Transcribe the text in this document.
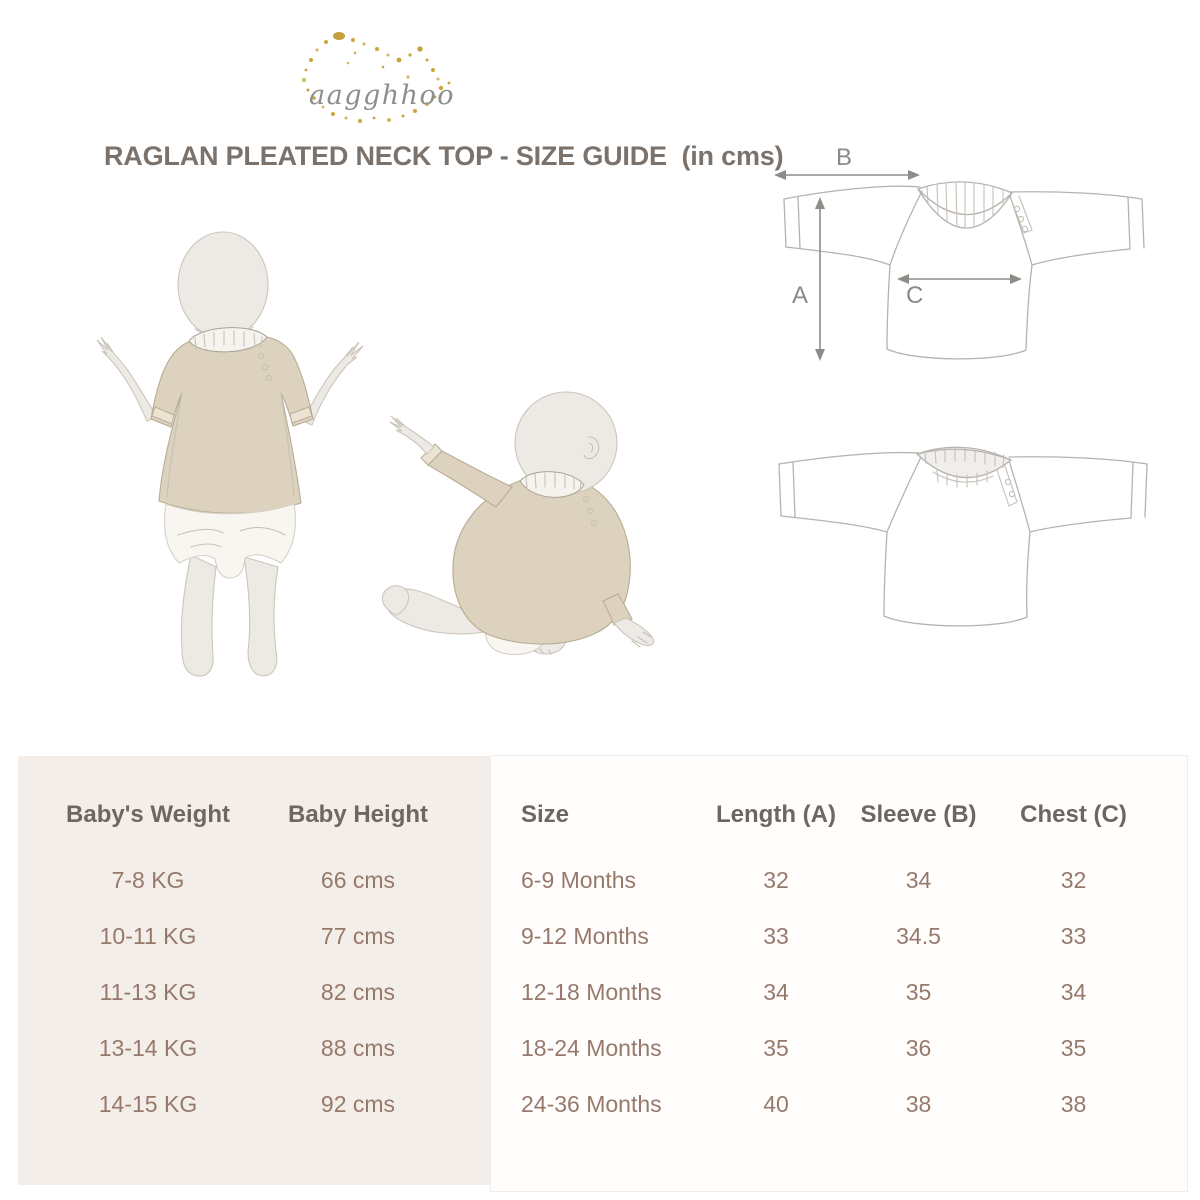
aagghhoo
RAGLAN PLEATED NECK TOP - SIZE GUIDE  (in cms) B
A	C
Baby's Weight	Baby Height
7-8 KG	66 cms
10-11 KG	77 cms
11-13 KG	82 cms
13-14 KG	88 cms
14-15 KG	92 cms
Size	Length (A)	Sleeve (B)	Chest (C)
6-9 Months	32	34	32
9-12 Months	33	34.5	33
12-18 Months	34	35	34
18-24 Months	35	36	35
24-36 Months	40	38	38
